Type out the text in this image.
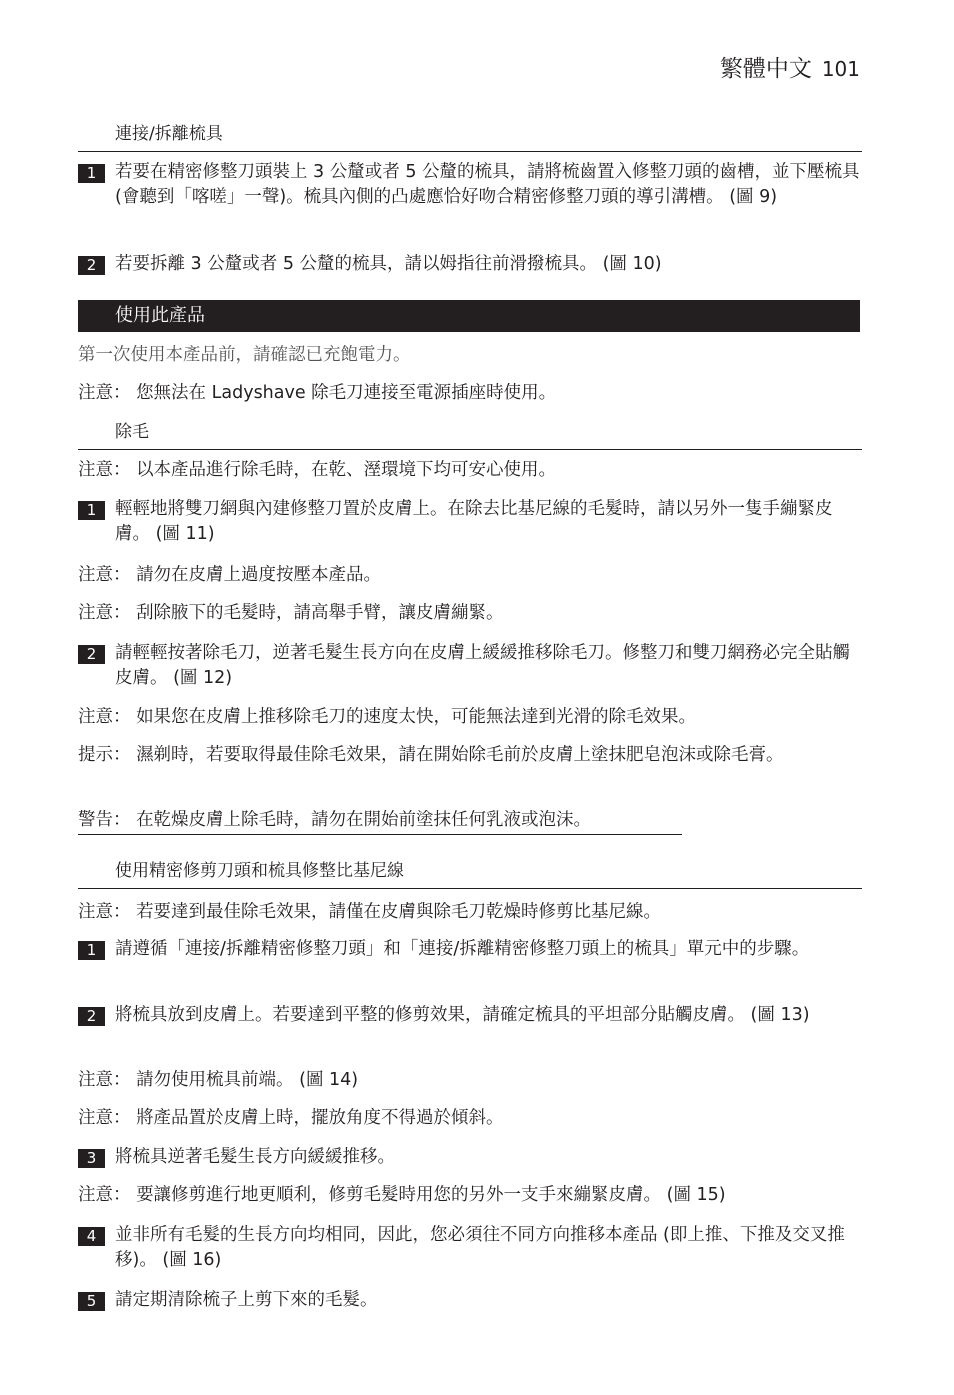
繁體中文 101
連接/拆離梳具
1	若要在精密修整刀頭裝上 3 公釐或者 5 公釐的梳具，請將梳齒置入修整刀頭的齒槽，並下壓梳具 (會聽到「喀嗟」一聲)。梳具內側的凸處應恰好吻合精密修整刀頭的導引溝槽。 (圖 9)
2	若要拆離 3 公釐或者 5 公釐的梳具，請以姆指往前滑撥梳具。 (圖 10)
使用此產品
第一次使用本產品前，請確認已充飽電力。
注意： 您無法在 Ladyshave 除毛刀連接至電源插座時使用。
除毛
注意： 以本產品進行除毛時，在乾、溼環境下均可安心使用。
1	輕輕地將雙刀網與內建修整刀置於皮膚上。在除去比基尼線的毛髮時，請以另外一隻手繃緊皮膚。 (圖 11)
注意： 請勿在皮膚上過度按壓本產品。
注意： 刮除腋下的毛髮時，請高舉手臂，讓皮膚繃緊。
2	請輕輕按著除毛刀，逆著毛髮生長方向在皮膚上緩緩推移除毛刀。修整刀和雙刀網務必完全貼觸皮膚。 (圖 12)
注意： 如果您在皮膚上推移除毛刀的速度太快，可能無法達到光滑的除毛效果。
提示： 濕剃時，若要取得最佳除毛效果，請在開始除毛前於皮膚上塗抹肥皂泡沫或除毛膏。
警告： 在乾燥皮膚上除毛時，請勿在開始前塗抹任何乳液或泡沫。
使用精密修剪刀頭和梳具修整比基尼線
注意： 若要達到最佳除毛效果，請僅在皮膚與除毛刀乾燥時修剪比基尼線。
1	請遵循「連接/拆離精密修整刀頭」和「連接/拆離精密修整刀頭上的梳具」單元中的步驟。
2	將梳具放到皮膚上。若要達到平整的修剪效果，請確定梳具的平坦部分貼觸皮膚。 (圖 13)
注意： 請勿使用梳具前端。 (圖 14)
注意： 將產品置於皮膚上時，擺放角度不得過於傾斜。
3	將梳具逆著毛髮生長方向緩緩推移。
注意： 要讓修剪進行地更順利，修剪毛髮時用您的另外一支手來繃緊皮膚。 (圖 15)
4	並非所有毛髮的生長方向均相同，因此，您必須往不同方向推移本產品 (即上推、下推及交叉推移)。 (圖 16)
5	請定期清除梳子上剪下來的毛髮。
